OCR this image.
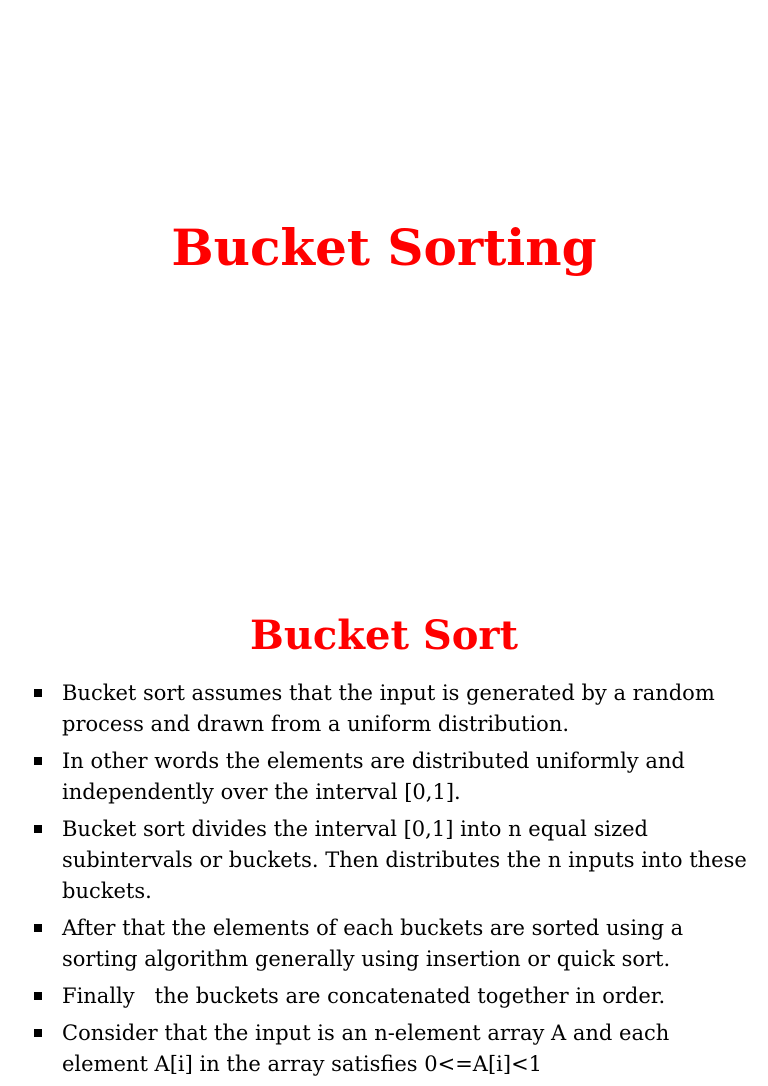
Bucket Sorting
Bucket Sort
Bucket sort assumes that the input is generated by a random process and drawn from a uniform distribution.
In other words the elements are distributed uniformly and independently over the interval [0,1].
Bucket sort divides the interval [0,1] into n equal sized subintervals or buckets. Then distributes the n inputs into these buckets.
After that the elements of each buckets are sorted using a sorting algorithm generally using insertion or quick sort.
Finally   the buckets are concatenated together in order.
Consider that the input is an n-element array A and each element A[i] in the array satisfies 0<=A[i]<1
